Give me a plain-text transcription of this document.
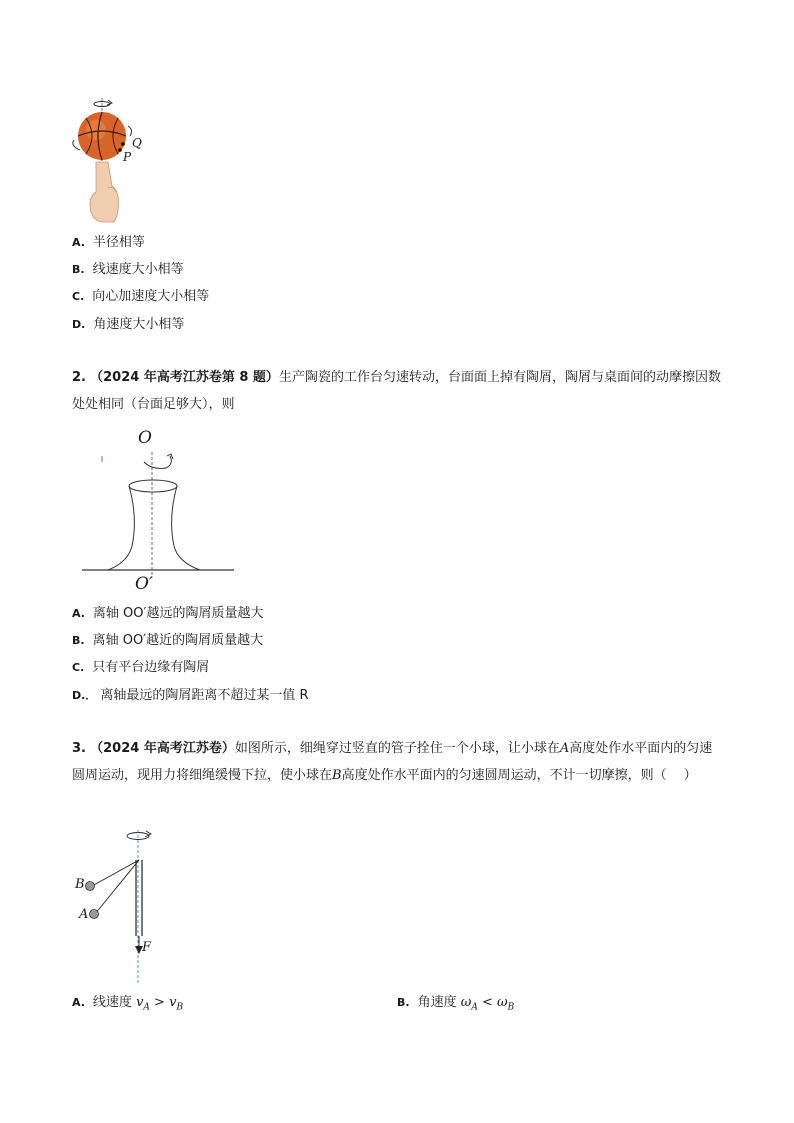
Q
P
A. 半径相等
B. 线速度大小相等
C. 向心加速度大小相等
D. 角速度大小相等
2. （2024 年高考江苏卷第 8 题）生产陶瓷的工作台匀速转动，台面面上掉有陶屑，陶屑与桌面间的动摩擦因数处处相同（台面足够大），则
O
O′
A. 离轴 OO′越远的陶屑质量越大
B. 离轴 OO′越近的陶屑质量越大
C. 只有平台边缘有陶屑
D.． 离轴最远的陶屑距离不超过某一值 R
3. （2024 年高考江苏卷）如图所示，细绳穿过竖直的管子拴住一个小球，让小球在A高度处作水平面内的匀速圆周运动，现用力将细绳缓慢下拉，使小球在B高度处作水平面内的匀速圆周运动，不计一切摩擦，则（　 ）
B
A
F
A. 线速度 $v_A > v_B$	B. 角速度 $\omega_A < \omega_B$
